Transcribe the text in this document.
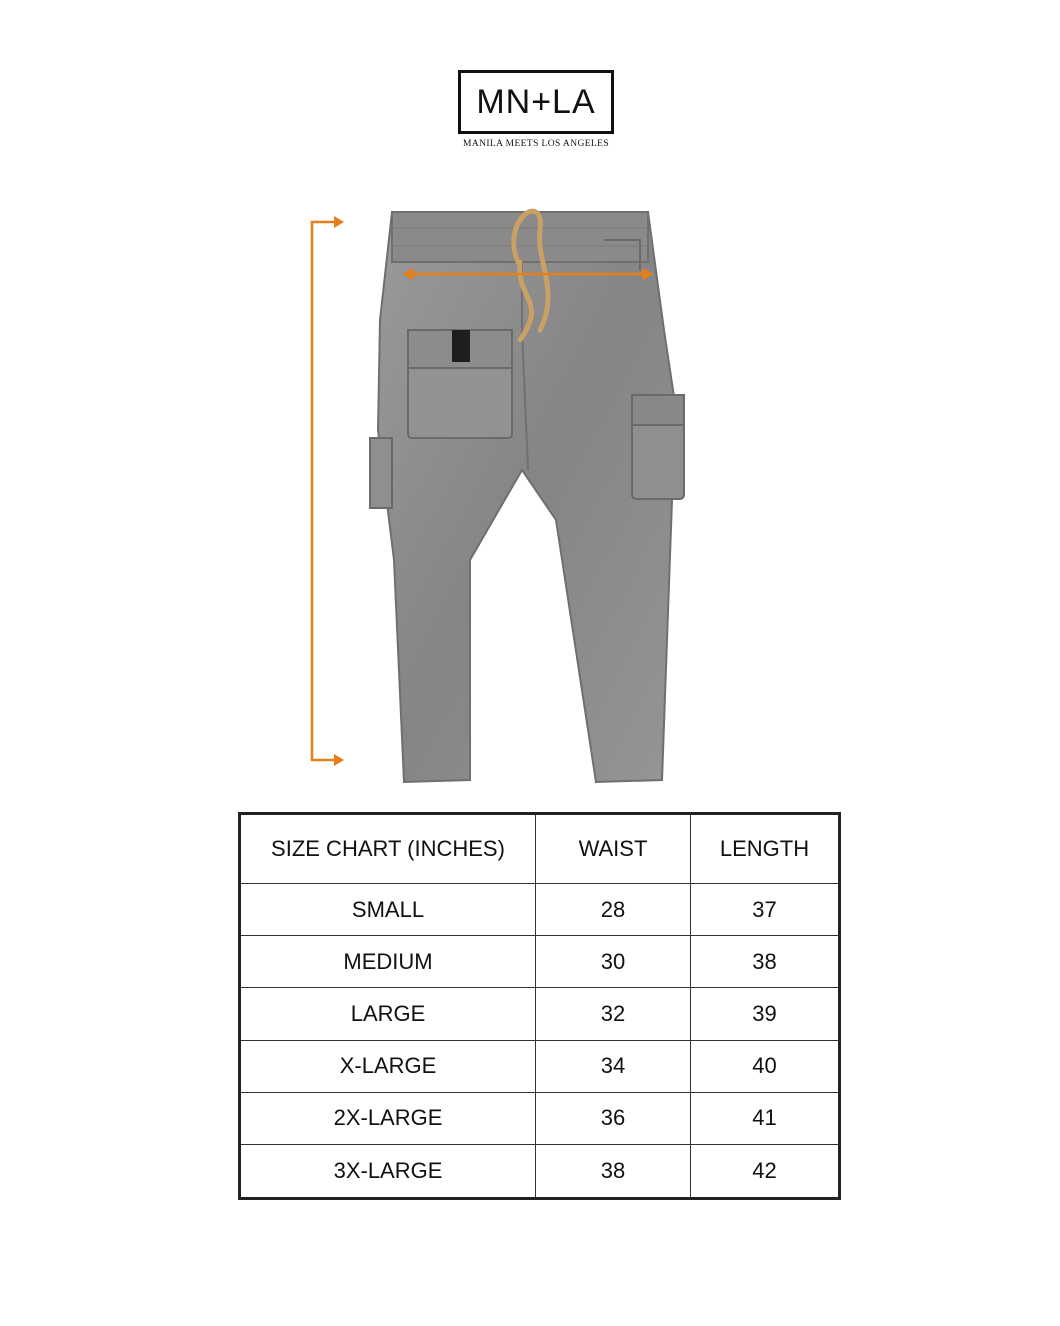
MN+LA
MANILA MEETS LOS ANGELES
SIZE CHART (INCHES)	WAIST	LENGTH
SMALL	28	37
MEDIUM	30	38
LARGE	32	39
X-LARGE	34	40
2X-LARGE	36	41
3X-LARGE	38	42
